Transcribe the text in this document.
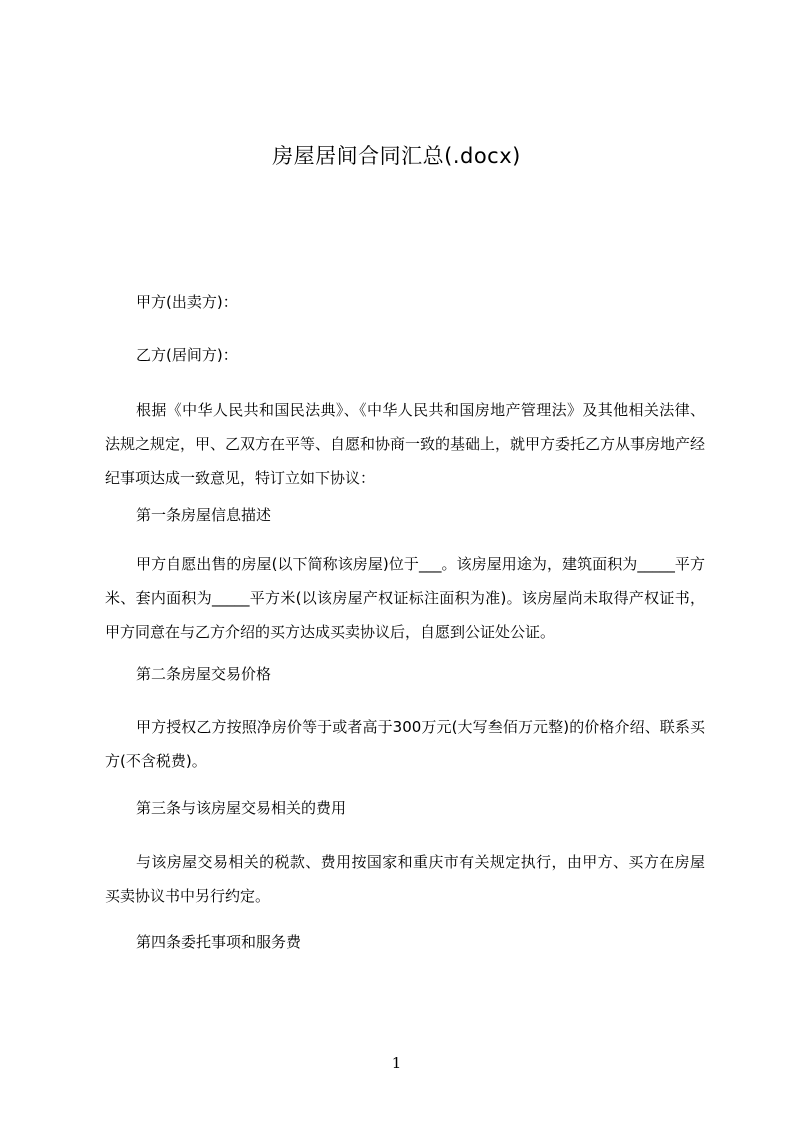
房屋居间合同汇总(.docx)
甲方(出卖方)：
乙方(居间方)：
根据《中华人民共和国民法典》、《中华人民共和国房地产管理法》及其他相关法律、法规之规定，甲、乙双方在平等、自愿和协商一致的基础上，就甲方委托乙方从事房地产经纪事项达成一致意见，特订立如下协议：
第一条房屋信息描述
甲方自愿出售的房屋(以下简称该房屋)位于___。该房屋用途为，建筑面积为_____平方米、套内面积为_____平方米(以该房屋产权证标注面积为准)。该房屋尚未取得产权证书，甲方同意在与乙方介绍的买方达成买卖协议后，自愿到公证处公证。
第二条房屋交易价格
甲方授权乙方按照净房价等于或者高于300万元(大写叁佰万元整)的价格介绍、联系买方(不含税费)。
第三条与该房屋交易相关的费用
与该房屋交易相关的税款、费用按国家和重庆市有关规定执行，由甲方、买方在房屋买卖协议书中另行约定。
第四条委托事项和服务费
1
